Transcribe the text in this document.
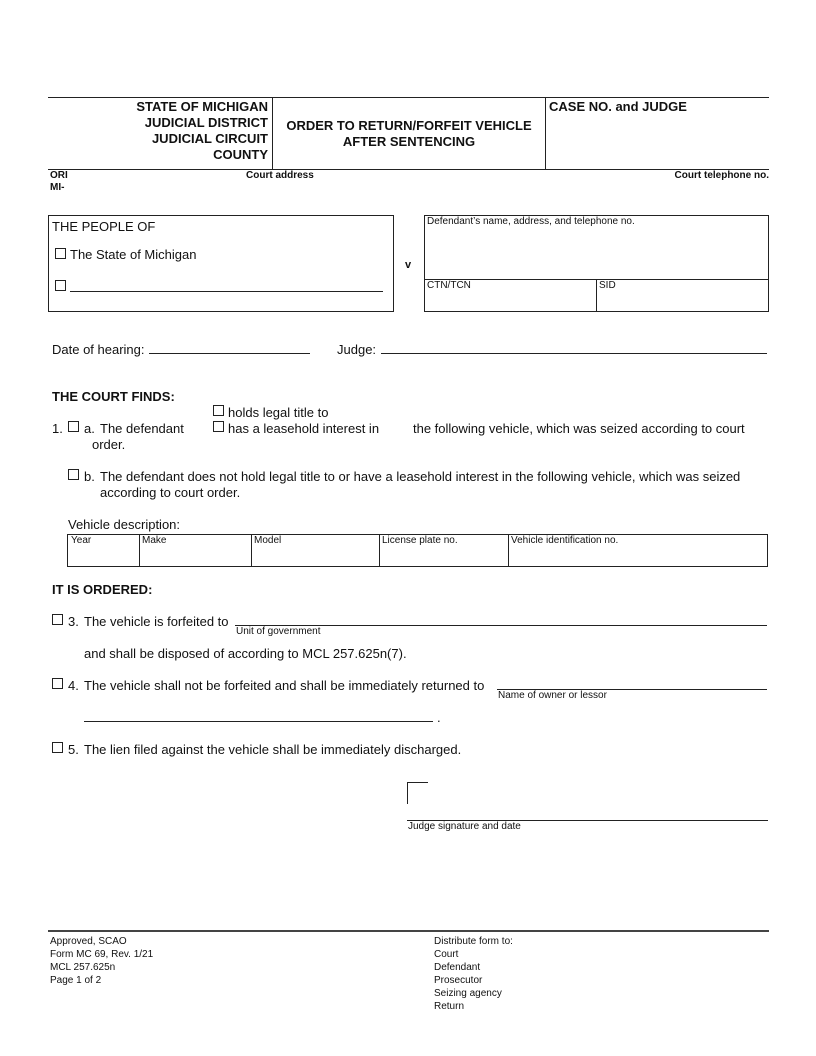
STATE OF MICHIGAN
JUDICIAL DISTRICT
JUDICIAL CIRCUIT
COUNTY
ORDER TO RETURN/FORFEIT VEHICLE
AFTER SENTENCING
CASE NO. and JUDGE
ORI
MI-
Court address	Court telephone no.
THE PEOPLE OF
The State of Michigan
v
Defendant’s name, address, and telephone no.
CTN/TCN	SID
Date of hearing:	Judge:
THE COURT FINDS:
holds legal title to
1. a. The defendant	has a leasehold interest in	the following vehicle, which was seized according to court
order.
b. The defendant does not hold legal title to or have a leasehold interest in the following vehicle, which was seized
according to court order.
Vehicle description:
Year	Make	Model	License plate no.	Vehicle identification no.
IT IS ORDERED:
3. The vehicle is forfeited to
Unit of government
and shall be disposed of according to MCL 257.625n(7).
4. The vehicle shall not be forfeited and shall be immediately returned to
Name of owner or lessor
.
5. The lien filed against the vehicle shall be immediately discharged.
Judge signature and date
Approved, SCAO
Form MC 69, Rev. 1/21
MCL 257.625n
Page 1 of 2
Distribute form to:
Court
Defendant
Prosecutor
Seizing agency
Return
